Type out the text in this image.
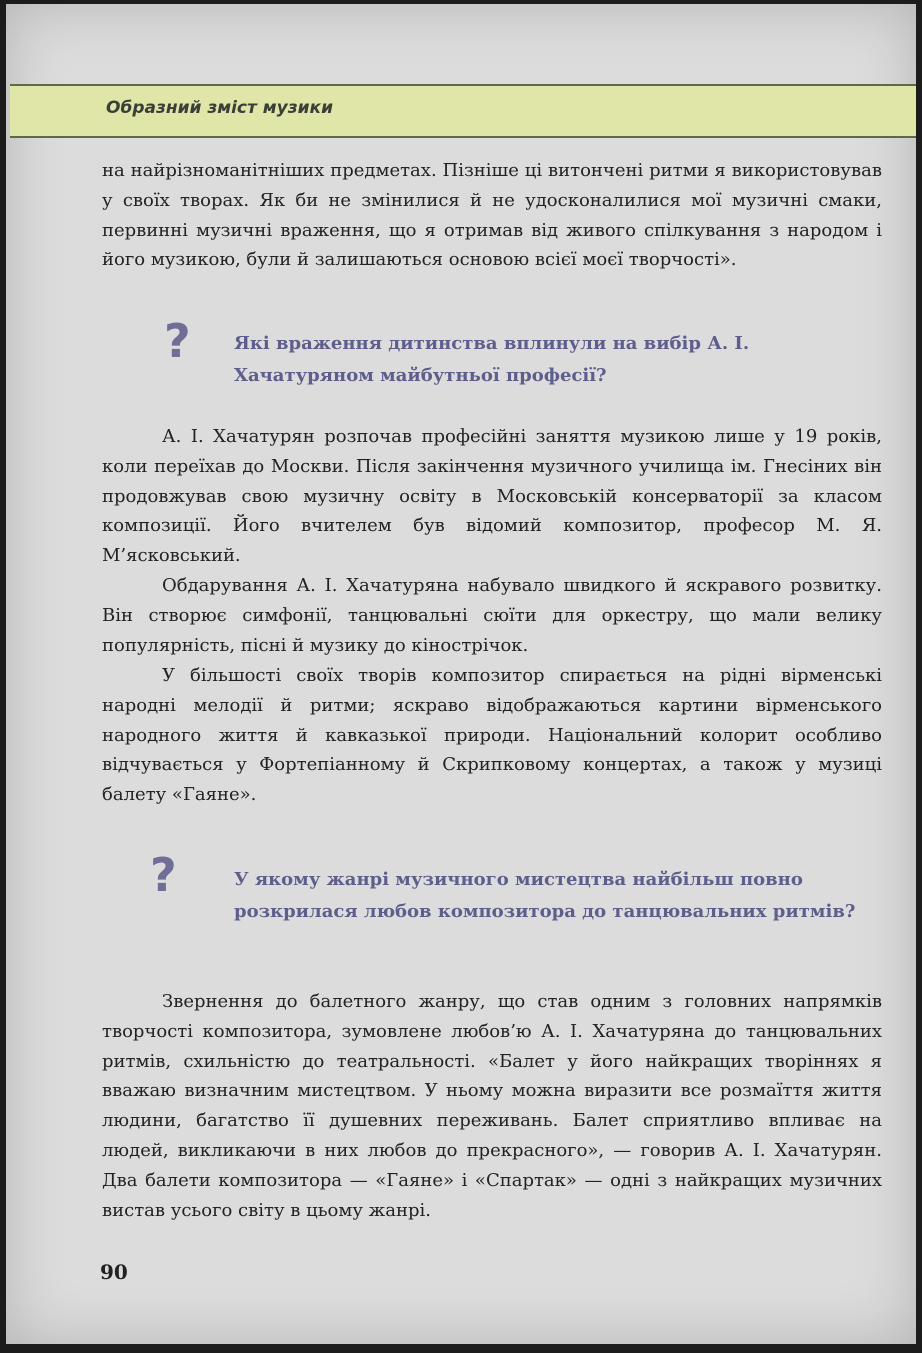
Образний зміст музики
на найрізноманітніших предметах. Пізніше ці витончені ритми я використовував у своїх творах. Як би не змінилися й не удосконалилися мої музичні смаки, первинні музичні враження, що я отримав від живого спілкування з народом і його музикою, були й залишаються основою всієї моєї творчості».
? Які враження дитинства вплинули на вибір А. І. Хачатуряном майбутньої професії?
А. І. Хачатурян розпочав професійні заняття музикою лише у 19 років, коли переїхав до Москви. Після закінчення музичного училища ім. Гнесіних він продовжував свою музичну освіту в Московській консерваторії за класом композиції. Його вчителем був відомий композитор, професор М. Я. М’ясковський.
Обдарування А. І. Хачатуряна набувало швидкого й яскравого розвитку. Він створює симфонії, танцювальні сюїти для оркестру, що мали велику популярність, пісні й музику до кінострічок.
У більшості своїх творів композитор спирається на рідні вірменські народні мелодії й ритми; яскраво відображаються картини вірменського народного життя й кавказької природи. Національний колорит особливо відчувається у Фортепіанному й Скрипковому концертах, а також у музиці балету «Гаяне».
?	У якому жанрі музичного мистецтва найбільш повно розкрилася любов композитора до танцювальних ритмів?
Звернення до балетного жанру, що став одним з головних напрямків творчості композитора, зумовлене любов’ю А. І. Хачатуряна до танцювальних ритмів, схильністю до театральності. «Балет у його найкращих творіннях я вважаю визначним мистецтвом. У ньому можна виразити все розмаїття життя людини, багатство її душевних переживань. Балет сприятливо впливає на людей, викликаючи в них любов до прекрасного», — говорив А. І. Хачатурян. Два балети композитора — «Гаяне» і «Спартак» — одні з найкращих музичних вистав усього світу в цьому жанрі.
90
